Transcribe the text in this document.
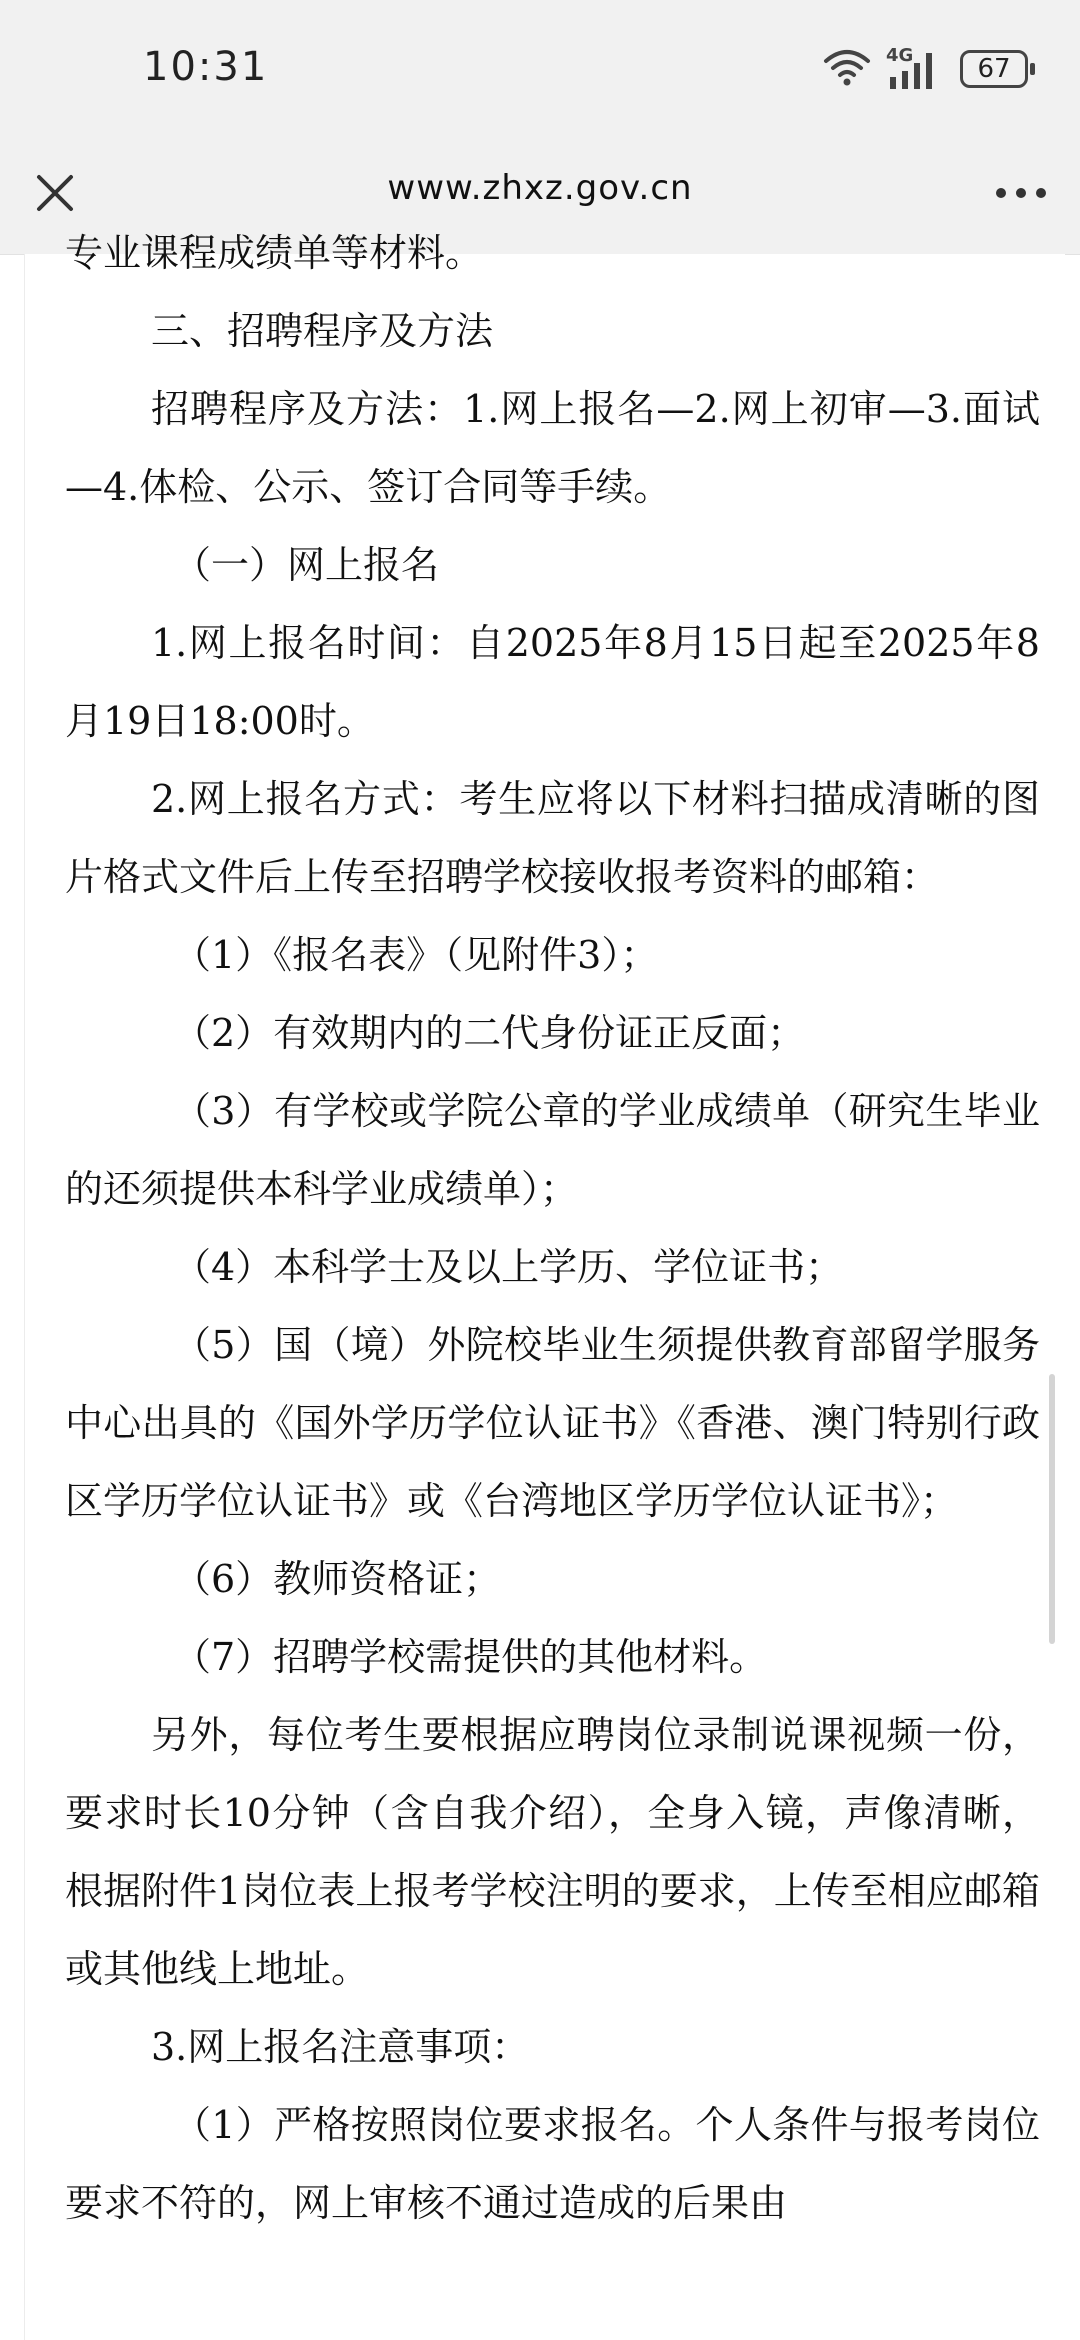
10:31	4G 67
www.zhxz.gov.cn

专业课程成绩单等材料。

三、招聘程序及方法

招聘程序及方法：1.网上报名—2.网上初审—3.面试—4.体检、公示、签订合同等手续。

（一）网上报名

1.网上报名时间：自2025年8月15日起至2025年8月19日18:00时。

2.网上报名方式：考生应将以下材料扫描成清晰的图片格式文件后上传至招聘学校接收报考资料的邮箱：

（1）《报名表》（见附件3）；

（2）有效期内的二代身份证正反面；

（3）有学校或学院公章的学业成绩单（研究生毕业的还须提供本科学业成绩单）；

（4）本科学士及以上学历、学位证书；

（5）国（境）外院校毕业生须提供教育部留学服务中心出具的《国外学历学位认证书》《香港、澳门特别行政区学历学位认证书》或《台湾地区学历学位认证书》；

（6）教师资格证；

（7）招聘学校需提供的其他材料。

另外，每位考生要根据应聘岗位录制说课视频一份，要求时长10分钟（含自我介绍），全身入镜，声像清晰，根据附件1岗位表上报考学校注明的要求，上传至相应邮箱或其他线上地址。

3.网上报名注意事项：

（1）严格按照岗位要求报名。个人条件与报考岗位要求不符的，网上审核不通过造成的后果由
